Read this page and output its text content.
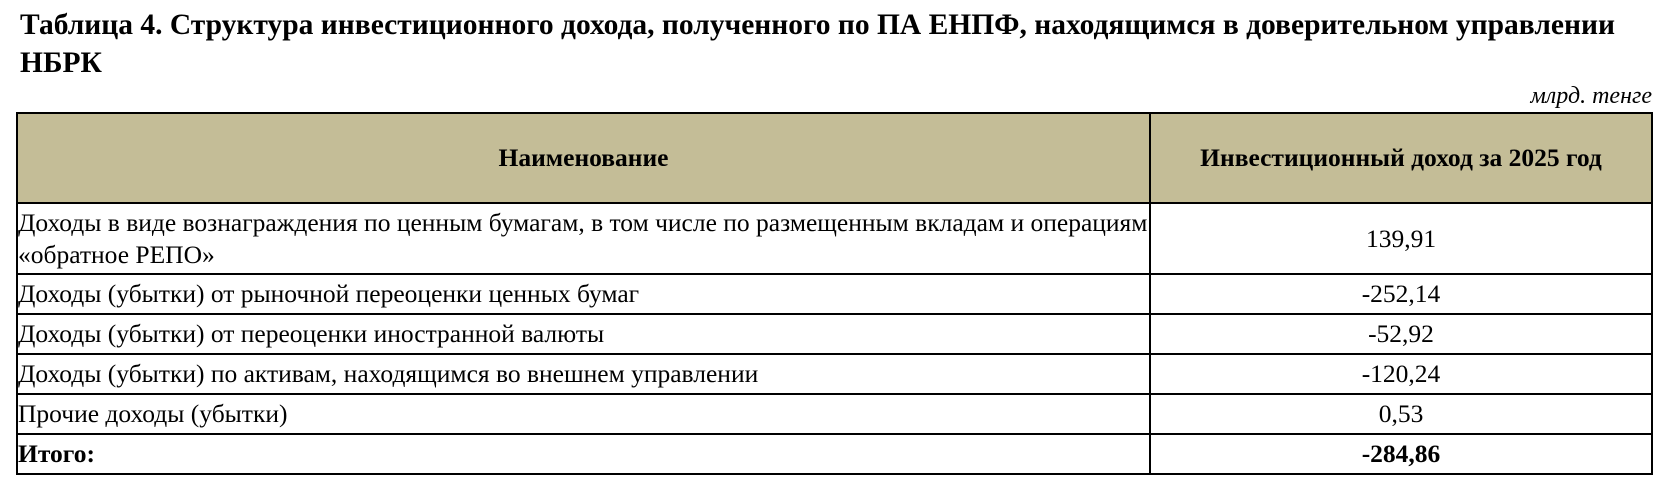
Таблица 4. Структура инвестиционного дохода, полученного по ПА ЕНПФ, находящимся в доверительном управлении НБРК
млрд. тенге
Наименование	Инвестиционный доход за 2025 год
Доходы в виде вознаграждения по ценным бумагам, в том числе по размещенным вкладам и операциям «обратное РЕПО»	139,91
Доходы (убытки) от рыночной переоценки ценных бумаг	-252,14
Доходы (убытки) от переоценки иностранной валюты	-52,92
Доходы (убытки) по активам, находящимся во внешнем управлении	-120,24
Прочие доходы (убытки)	0,53
Итого:	-284,86
